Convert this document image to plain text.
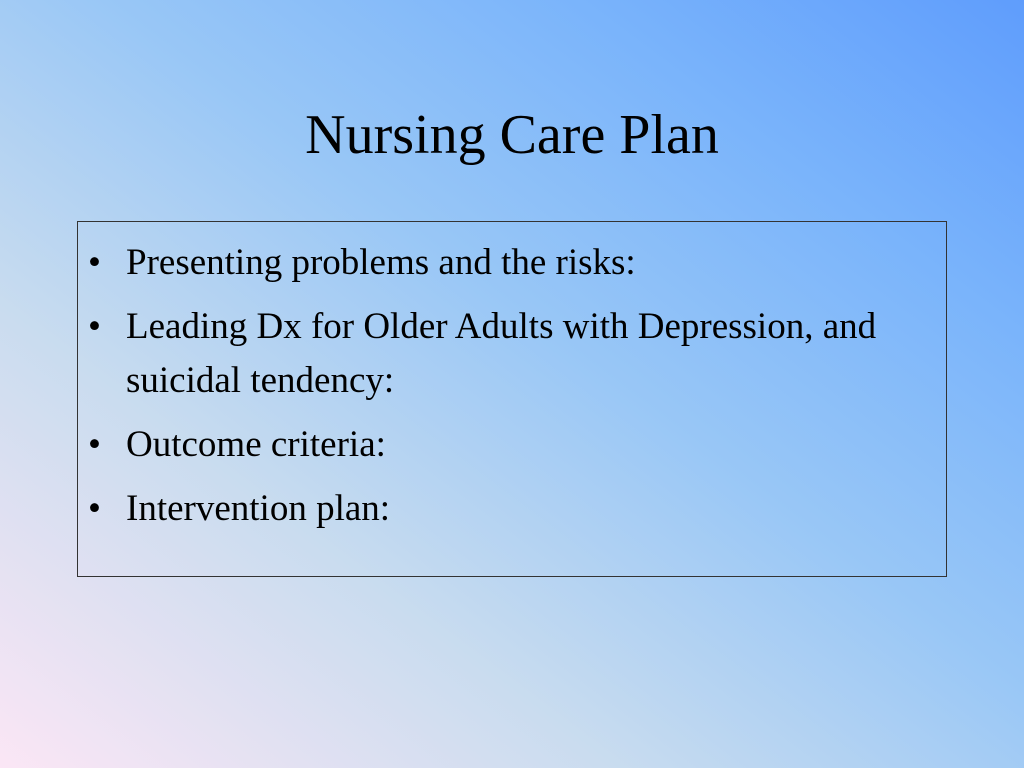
Nursing Care Plan
• Presenting problems and the risks:
• Leading Dx for Older Adults with Depression, and suicidal tendency:
• Outcome criteria:
• Intervention plan:
